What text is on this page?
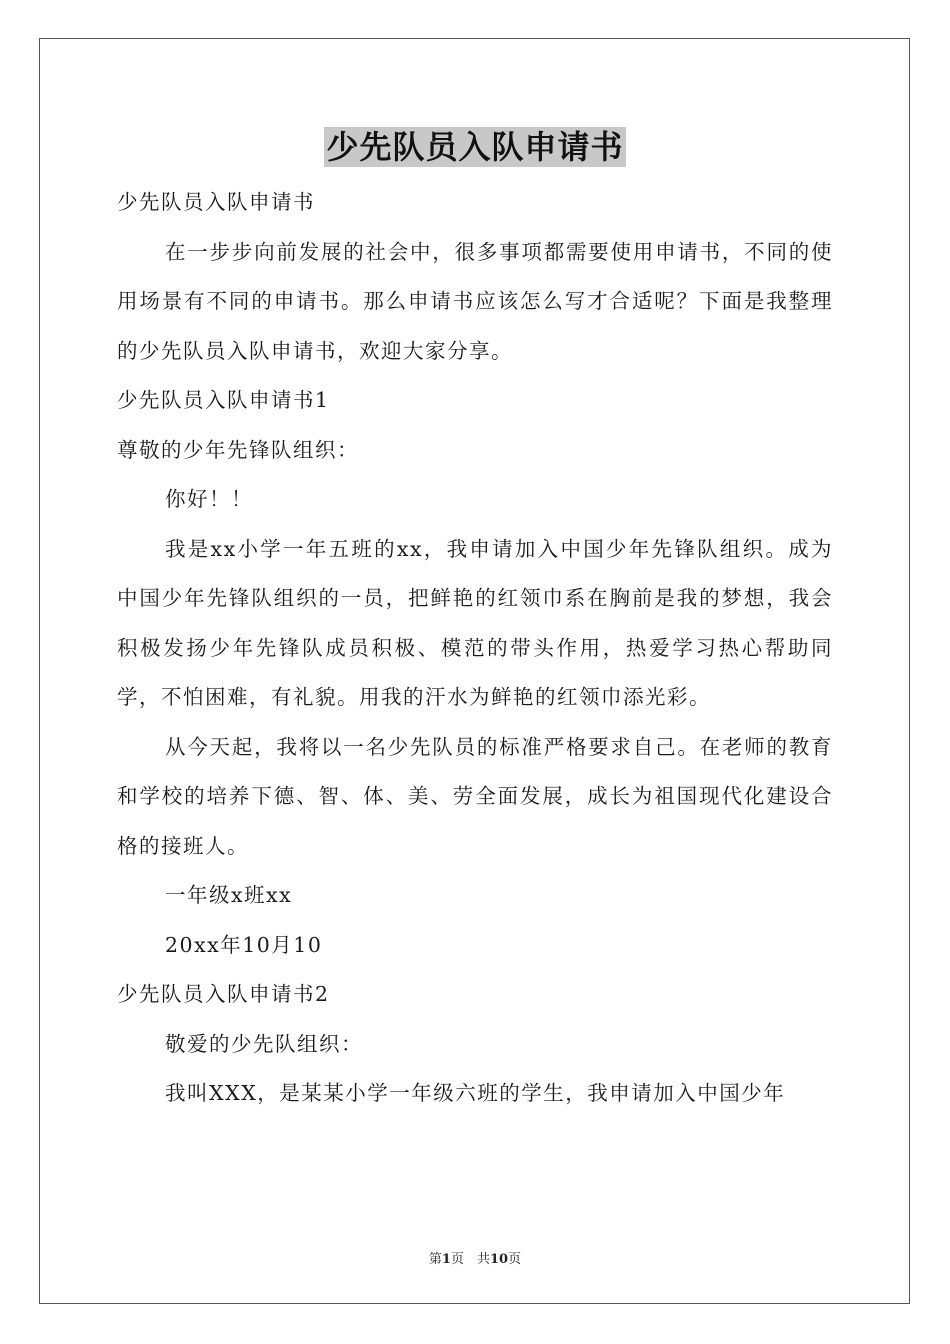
少先队员入队申请书

少先队员入队申请书

在一步步向前发展的社会中，很多事项都需要使用申请书，不同的使用场景有不同的申请书。那么申请书应该怎么写才合适呢？下面是我整理的少先队员入队申请书，欢迎大家分享。

少先队员入队申请书1

尊敬的少年先锋队组织：

你好！！

我是xx小学一年五班的xx，我申请加入中国少年先锋队组织。成为中国少年先锋队组织的一员，把鲜艳的红领巾系在胸前是我的梦想，我会积极发扬少年先锋队成员积极、模范的带头作用，热爱学习热心帮助同学，不怕困难，有礼貌。用我的汗水为鲜艳的红领巾添光彩。

从今天起，我将以一名少先队员的标准严格要求自己。在老师的教育和学校的培养下德、智、体、美、劳全面发展，成长为祖国现代化建设合格的接班人。

一年级x班xx

20xx年10月10

少先队员入队申请书2

敬爱的少先队组织：

我叫XXX，是某某小学一年级六班的学生，我申请加入中国少年

第1页　共10页
